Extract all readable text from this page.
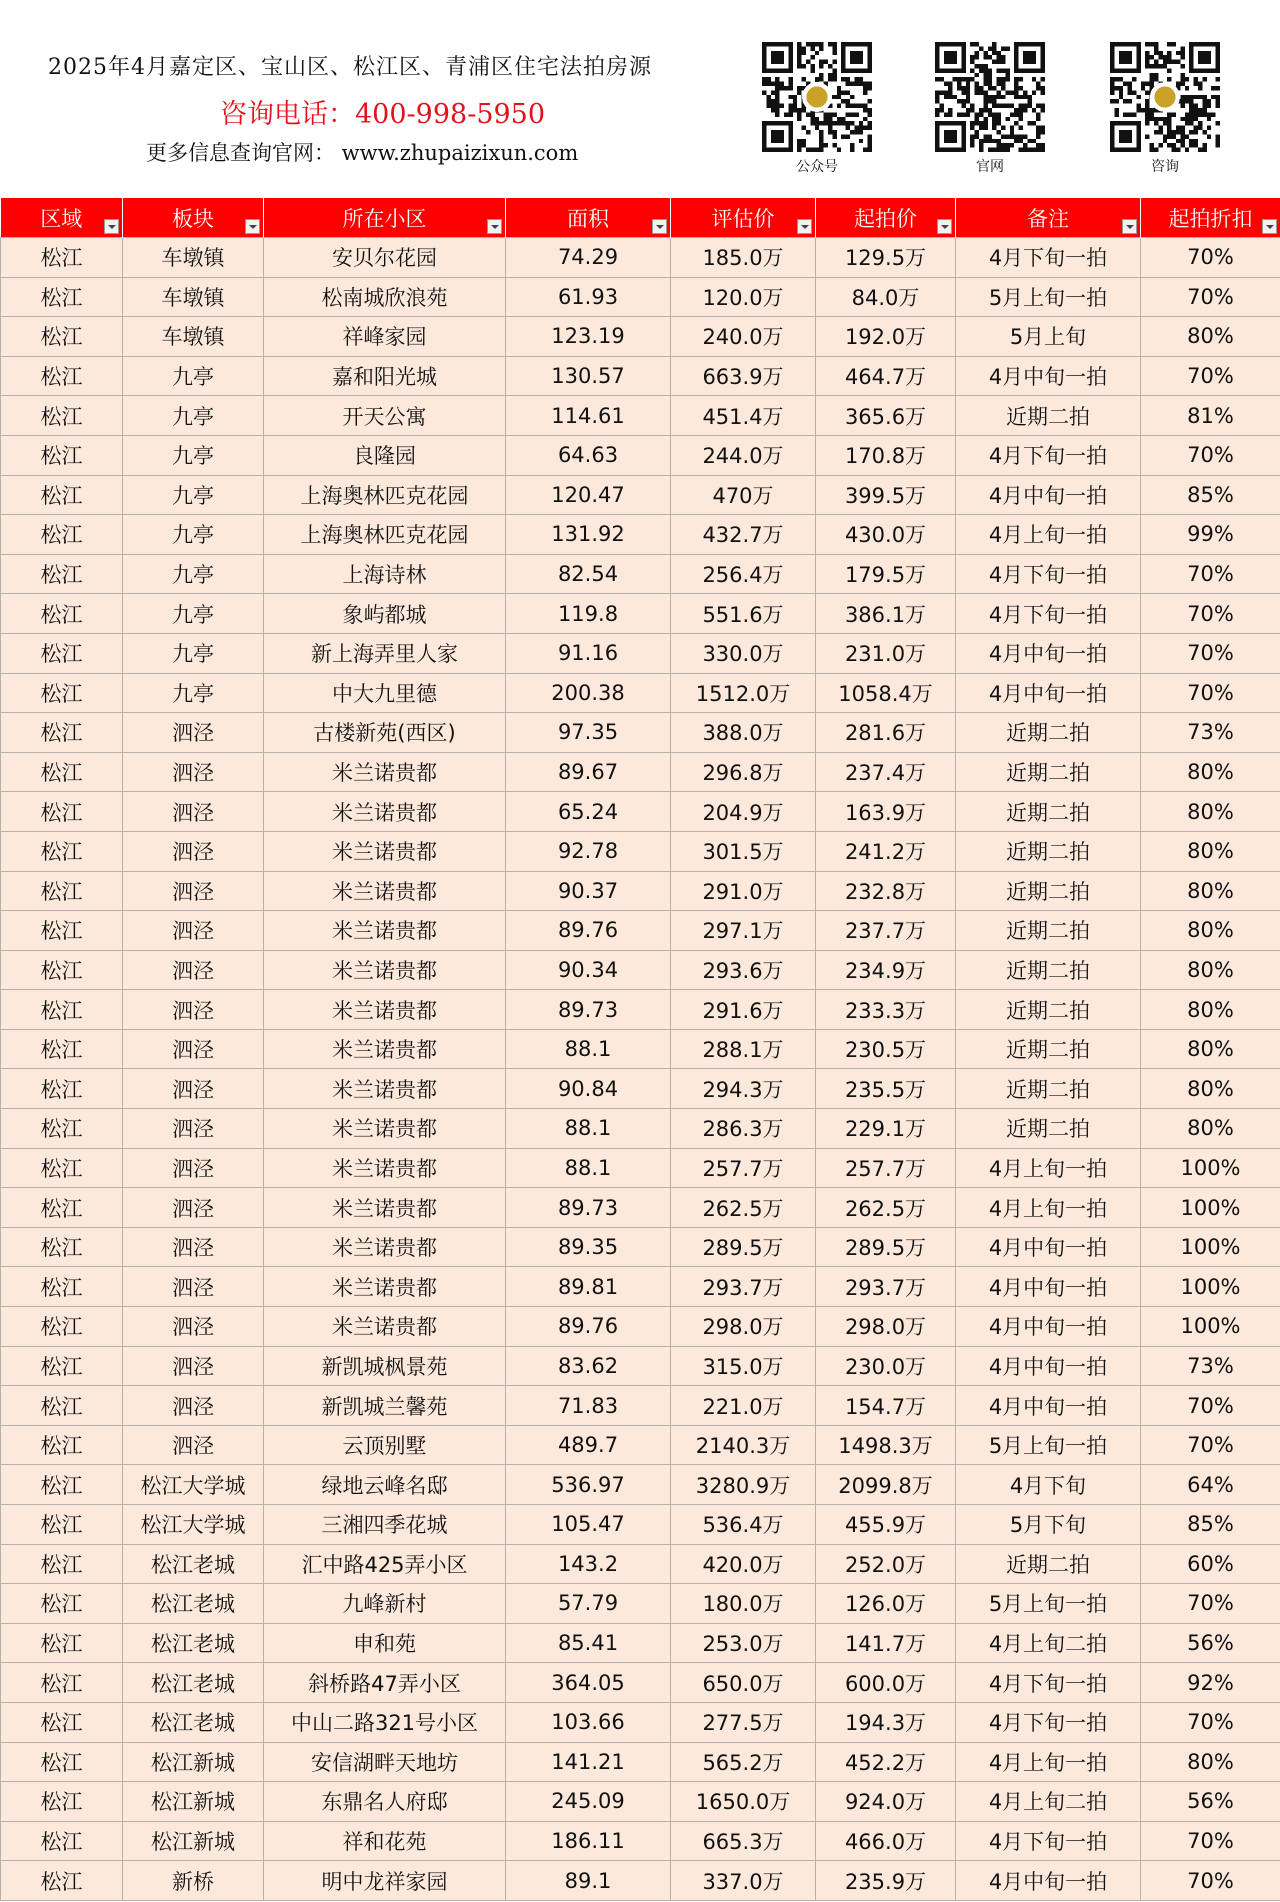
2025年4月嘉定区、宝山区、松江区、青浦区住宅法拍房源
咨询电话：400-998-5950
更多信息查询官网： www.zhupaizixun.com
公众号	官网	咨询
区域	板块	所在小区	面积	评估价	起拍价	备注	起拍折扣

松江	车墩镇	安贝尔花园	74.29	185.0万	129.5万	4月下旬一拍	70%
松江	车墩镇	松南城欣浪苑	61.93	120.0万	84.0万	5月上旬一拍	70%
松江	车墩镇	祥峰家园	123.19	240.0万	192.0万	5月上旬	80%
松江	九亭	嘉和阳光城	130.57	663.9万	464.7万	4月中旬一拍	70%
松江	九亭	开天公寓	114.61	451.4万	365.6万	近期二拍	81%
松江	九亭	良隆园	64.63	244.0万	170.8万	4月下旬一拍	70%
松江	九亭	上海奥林匹克花园	120.47	470万	399.5万	4月中旬一拍	85%
松江	九亭	上海奥林匹克花园	131.92	432.7万	430.0万	4月上旬一拍	99%
松江	九亭	上海诗林	82.54	256.4万	179.5万	4月下旬一拍	70%
松江	九亭	象屿都城	119.8	551.6万	386.1万	4月下旬一拍	70%
松江	九亭	新上海弄里人家	91.16	330.0万	231.0万	4月中旬一拍	70%
松江	九亭	中大九里德	200.38	1512.0万	1058.4万	4月中旬一拍	70%
松江	泗泾	古楼新苑(西区)	97.35	388.0万	281.6万	近期二拍	73%
松江	泗泾	米兰诺贵都	89.67	296.8万	237.4万	近期二拍	80%
松江	泗泾	米兰诺贵都	65.24	204.9万	163.9万	近期二拍	80%
松江	泗泾	米兰诺贵都	92.78	301.5万	241.2万	近期二拍	80%
松江	泗泾	米兰诺贵都	90.37	291.0万	232.8万	近期二拍	80%
松江	泗泾	米兰诺贵都	89.76	297.1万	237.7万	近期二拍	80%
松江	泗泾	米兰诺贵都	90.34	293.6万	234.9万	近期二拍	80%
松江	泗泾	米兰诺贵都	89.73	291.6万	233.3万	近期二拍	80%
松江	泗泾	米兰诺贵都	88.1	288.1万	230.5万	近期二拍	80%
松江	泗泾	米兰诺贵都	90.84	294.3万	235.5万	近期二拍	80%
松江	泗泾	米兰诺贵都	88.1	286.3万	229.1万	近期二拍	80%
松江	泗泾	米兰诺贵都	88.1	257.7万	257.7万	4月上旬一拍	100%
松江	泗泾	米兰诺贵都	89.73	262.5万	262.5万	4月上旬一拍	100%
松江	泗泾	米兰诺贵都	89.35	289.5万	289.5万	4月中旬一拍	100%
松江	泗泾	米兰诺贵都	89.81	293.7万	293.7万	4月中旬一拍	100%
松江	泗泾	米兰诺贵都	89.76	298.0万	298.0万	4月中旬一拍	100%
松江	泗泾	新凯城枫景苑	83.62	315.0万	230.0万	4月中旬一拍	73%
松江	泗泾	新凯城兰馨苑	71.83	221.0万	154.7万	4月中旬一拍	70%
松江	泗泾	云顶别墅	489.7	2140.3万	1498.3万	5月上旬一拍	70%
松江	松江大学城	绿地云峰名邸	536.97	3280.9万	2099.8万	4月下旬	64%
松江	松江大学城	三湘四季花城	105.47	536.4万	455.9万	5月下旬	85%
松江	松江老城	汇中路425弄小区	143.2	420.0万	252.0万	近期二拍	60%
松江	松江老城	九峰新村	57.79	180.0万	126.0万	5月上旬一拍	70%
松江	松江老城	申和苑	85.41	253.0万	141.7万	4月上旬二拍	56%
松江	松江老城	斜桥路47弄小区	364.05	650.0万	600.0万	4月下旬一拍	92%
松江	松江老城	中山二路321号小区	103.66	277.5万	194.3万	4月下旬一拍	70%
松江	松江新城	安信湖畔天地坊	141.21	565.2万	452.2万	4月上旬一拍	80%
松江	松江新城	东鼎名人府邸	245.09	1650.0万	924.0万	4月上旬二拍	56%
松江	松江新城	祥和花苑	186.11	665.3万	466.0万	4月下旬一拍	70%
松江	新桥	明中龙祥家园	89.1	337.0万	235.9万	4月中旬一拍	70%
